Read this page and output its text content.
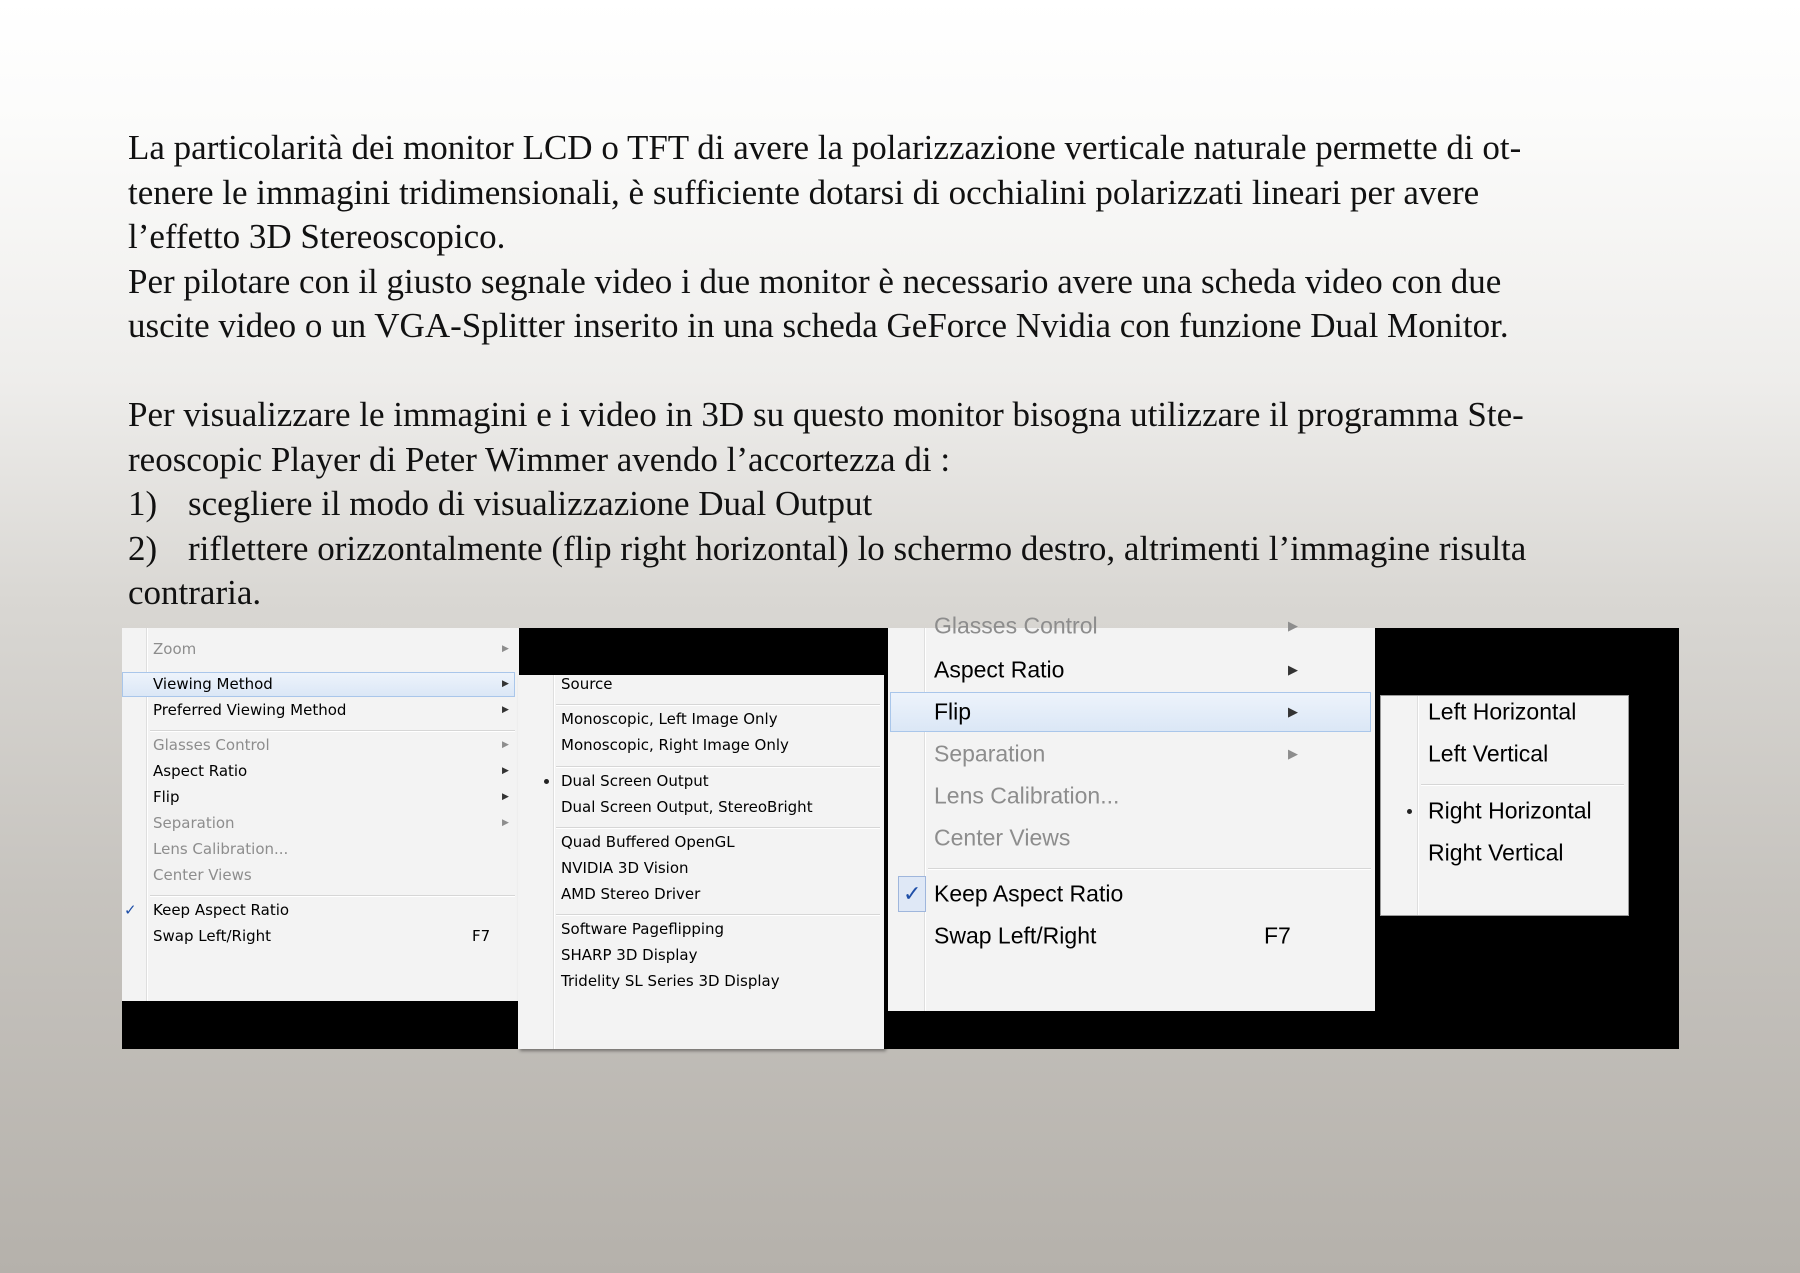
La particolarità dei monitor LCD o TFT di avere la polarizzazione verticale naturale permette di ot-

tenere le immagini tridimensionali, è sufficiente dotarsi di occhialini polarizzati lineari per avere

l’effetto 3D Stereoscopico.

Per pilotare con il giusto segnale video i due monitor è necessario avere una scheda video con due

uscite video o un VGA-Splitter inserito in una scheda GeForce Nvidia con funzione Dual Monitor.

Per visualizzare le immagini e i video in 3D su questo monitor bisogna utilizzare il programma Ste-

reoscopic Player di Peter Wimmer avendo l’accortezza di :

1) scegliere il modo di visualizzazione Dual Output
2) riflettere orizzontalmente (flip right horizontal) lo schermo destro, altrimenti l’immagine risulta

contraria.

Zoom	▶
Viewing Method	▶
Preferred Viewing Method	▶
Glasses Control	▶
Aspect Ratio	▶
Flip	▶
Separation	▶
Lens Calibration...
Center Views
Keep Aspect Ratio
✓
Swap Left/Right	F7
Source
Monoscopic, Left Image Only
Monoscopic, Right Image Only
Dual Screen Output
Dual Screen Output, StereoBright
Quad Buffered OpenGL
NVIDIA 3D Vision
AMD Stereo Driver
Software Pageflipping
SHARP 3D Display
Tridelity SL Series 3D Display
Glasses Control	▶
Aspect Ratio	▶
Flip	▶
Separation	▶
Lens Calibration...
Center Views
Keep Aspect Ratio
✓
Swap Left/Right	F7
Left Horizontal
Left Vertical
Right Horizontal
Right Vertical
